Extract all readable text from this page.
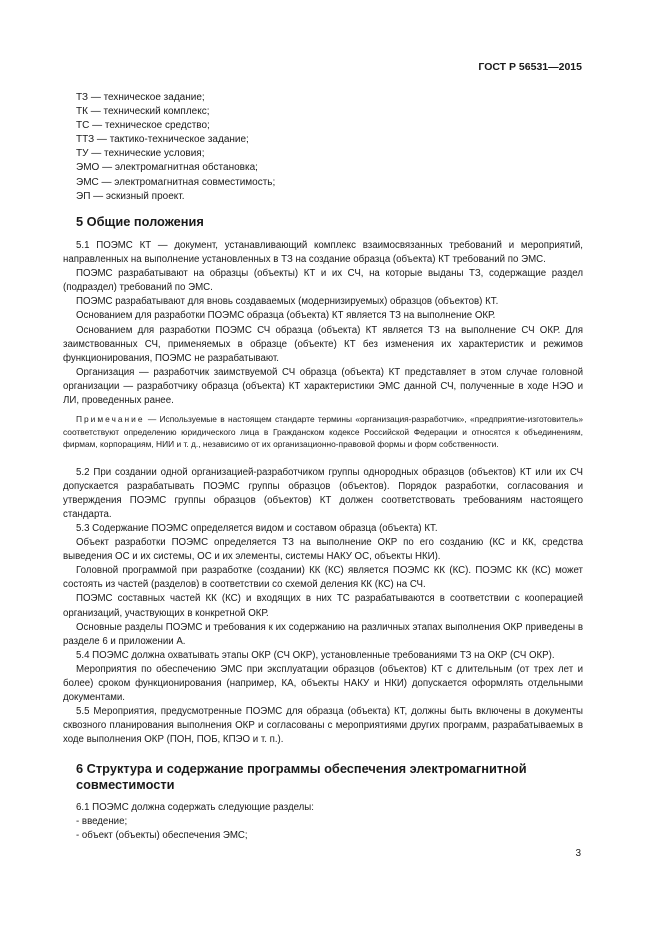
ГОСТ Р 56531—2015
ТЗ — техническое задание;
ТК — технический комплекс;
ТС — техническое средство;
ТТЗ — тактико-техническое задание;
ТУ — технические условия;
ЭМО — электромагнитная обстановка;
ЭМС — электромагнитная совместимость;
ЭП — эскизный проект.
5 Общие положения

5.1 ПОЭМС КТ — документ, устанавливающий комплекс взаимосвязанных требований и мероприятий, направленных на выполнение установленных в ТЗ на создание образца (объекта) КТ требований по ЭМС.

ПОЭМС разрабатывают на образцы (объекты) КТ и их СЧ, на которые выданы ТЗ, содержащие раздел (подраздел) требований по ЭМС.

ПОЭМС разрабатывают для вновь создаваемых (модернизируемых) образцов (объектов) КТ.

Основанием для разработки ПОЭМС образца (объекта) КТ является ТЗ на выполнение ОКР.

Основанием для разработки ПОЭМС СЧ образца (объекта) КТ является ТЗ на выполнение СЧ ОКР. Для заимствованных СЧ, применяемых в образце (объекте) КТ без изменения их характеристик и режимов функционирования, ПОЭМС не разрабатывают.

Организация — разработчик заимствуемой СЧ образца (объекта) КТ представляет в этом случае головной организации — разработчику образца (объекта) КТ характеристики ЭМС данной СЧ, полученные в ходе НЭО и ЛИ, проведенных ранее.

Примечание — Используемые в настоящем стандарте термины «организация-разработчик», «предприятие-изготовитель» соответствуют определению юридического лица в Гражданском кодексе Российской Федерации и относятся к объединениям, фирмам, корпорациям, НИИ и т. д., независимо от их организационно-правовой формы и форм собственности.

5.2 При создании одной организацией-разработчиком группы однородных образцов (объектов) КТ или их СЧ допускается разрабатывать ПОЭМС группы образцов (объектов). Порядок разработки, согласования и утверждения ПОЭМС группы образцов (объектов) КТ должен соответствовать требованиям настоящего стандарта.

5.3 Содержание ПОЭМС определяется видом и составом образца (объекта) КТ.

Объект разработки ПОЭМС определяется ТЗ на выполнение ОКР по его созданию (КС и КК, средства выведения ОС и их системы, ОС и их элементы, системы НАКУ ОС, объекты НКИ).

Головной программой при разработке (создании) КК (КС) является ПОЭМС КК (КС). ПОЭМС КК (КС) может состоять из частей (разделов) в соответствии со схемой деления КК (КС) на СЧ.

ПОЭМС составных частей КК (КС) и входящих в них ТС разрабатываются в соответствии с кооперацией организаций, участвующих в конкретной ОКР.

Основные разделы ПОЭМС и требования к их содержанию на различных этапах выполнения ОКР приведены в разделе 6 и приложении А.

5.4 ПОЭМС должна охватывать этапы ОКР (СЧ ОКР), установленные требованиями ТЗ на ОКР (СЧ ОКР).

Мероприятия по обеспечению ЭМС при эксплуатации образцов (объектов) КТ с длительным (от трех лет и более) сроком функционирования (например, КА, объекты НАКУ и НКИ) допускается оформлять отдельными документами.

5.5 Мероприятия, предусмотренные ПОЭМС для образца (объекта) КТ, должны быть включены в документы сквозного планирования выполнения ОКР и согласованы с мероприятиями других программ, разрабатываемых в ходе выполнения ОКР (ПОН, ПОБ, КПЭО и т. п.).

6 Структура и содержание программы обеспечения электромагнитной
совместимости

6.1 ПОЭМС должна содержать следующие разделы:

- введение;
- объект (объекты) обеспечения ЭМС;
3
